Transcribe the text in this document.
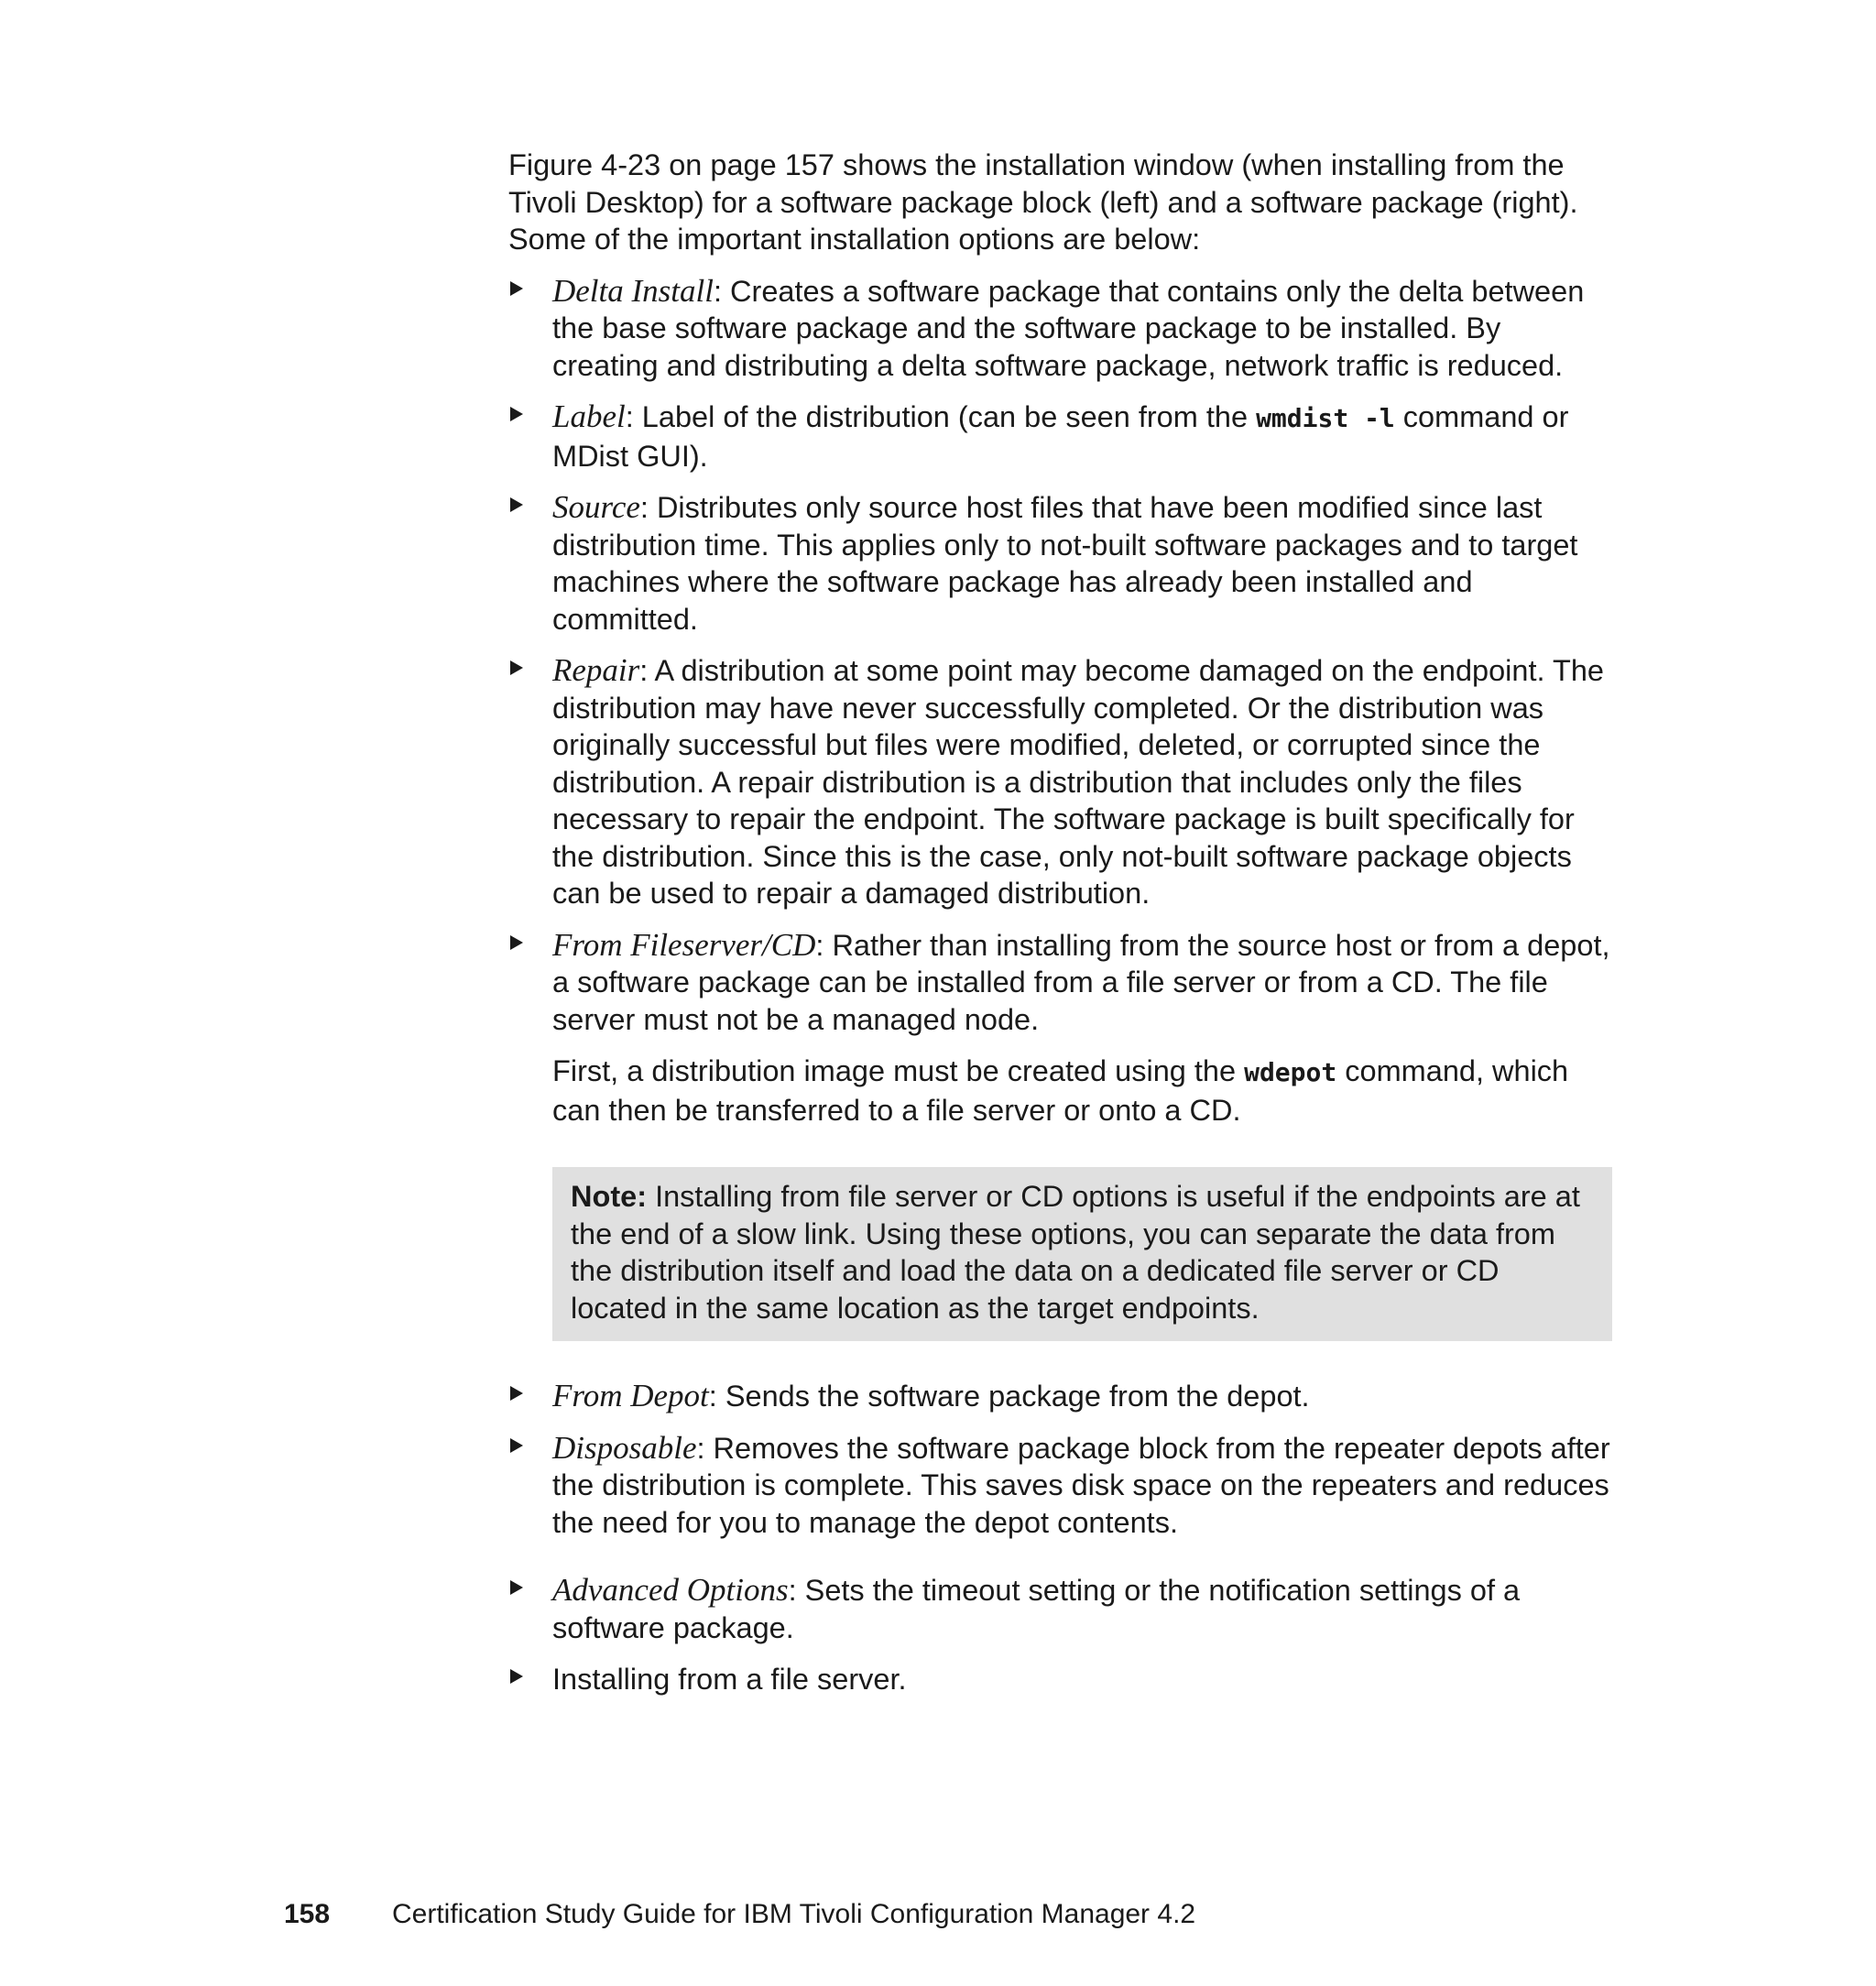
Figure 4-23 on page 157 shows the installation window (when installing from the Tivoli Desktop) for a software package block (left) and a software package (right). Some of the important installation options are below:

Delta Install: Creates a software package that contains only the delta between the base software package and the software package to be installed. By creating and distributing a delta software package, network traffic is reduced.
Label: Label of the distribution (can be seen from the wmdist -l command or MDist GUI).
Source: Distributes only source host files that have been modified since last distribution time. This applies only to not-built software packages and to target machines where the software package has already been installed and committed.
Repair: A distribution at some point may become damaged on the endpoint. The distribution may have never successfully completed. Or the distribution was originally successful but files were modified, deleted, or corrupted since the distribution. A repair distribution is a distribution that includes only the files necessary to repair the endpoint. The software package is built specifically for the distribution. Since this is the case, only not-built software package objects can be used to repair a damaged distribution.
From Fileserver/CD: Rather than installing from the source host or from a depot, a software package can be installed from a file server or from a CD. The file server must not be a managed node.

First, a distribution image must be created using the wdepot command, which can then be transferred to a file server or onto a CD.

Note: Installing from file server or CD options is useful if the endpoints are at the end of a slow link. Using these options, you can separate the data from the distribution itself and load the data on a dedicated file server or CD located in the same location as the target endpoints.
From Depot: Sends the software package from the depot.
Disposable: Removes the software package block from the repeater depots after the distribution is complete. This saves disk space on the repeaters and reduces the need for you to manage the depot contents.
Advanced Options: Sets the timeout setting or the notification settings of a software package.
Installing from a file server.
158 Certification Study Guide for IBM Tivoli Configuration Manager 4.2
